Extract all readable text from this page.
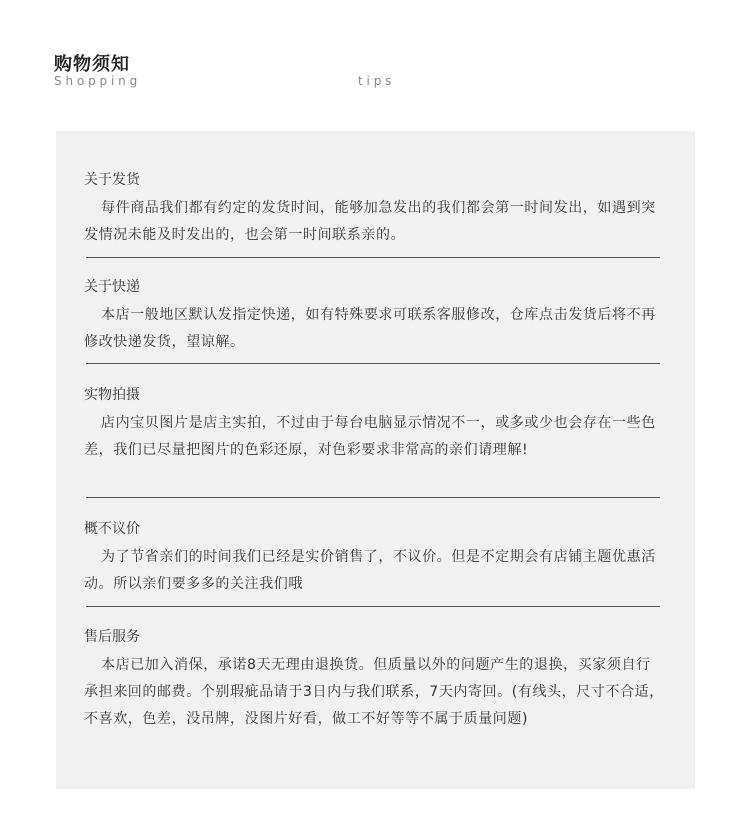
购物须知
S h o p p i n g	t i p s
关于发货
每件商品我们都有约定的发货时间，能够加急发出的我们都会第一时间发出，如遇到突发情况未能及时发出的，也会第一时间联系亲的。
关于快递
本店一般地区默认发指定快递，如有特殊要求可联系客服修改，仓库点击发货后将不再修改快递发货，望谅解。
实物拍摄
店内宝贝图片是店主实拍，不过由于每台电脑显示情况不一，或多或少也会存在一些色差，我们已尽量把图片的色彩还原，对色彩要求非常高的亲们请理解!
概不议价
为了节省亲们的时间我们已经是实价销售了，不议价。但是不定期会有店铺主题优惠活动。所以亲们要多多的关注我们哦
售后服务
本店已加入消保，承诺8天无理由退换货。但质量以外的问题产生的退换，买家须自行承担来回的邮费。个别瑕疵品请于3日内与我们联系，7天内寄回。(有线头，尺寸不合适，不喜欢，色差，没吊牌，没图片好看，做工不好等等不属于质量问题)
